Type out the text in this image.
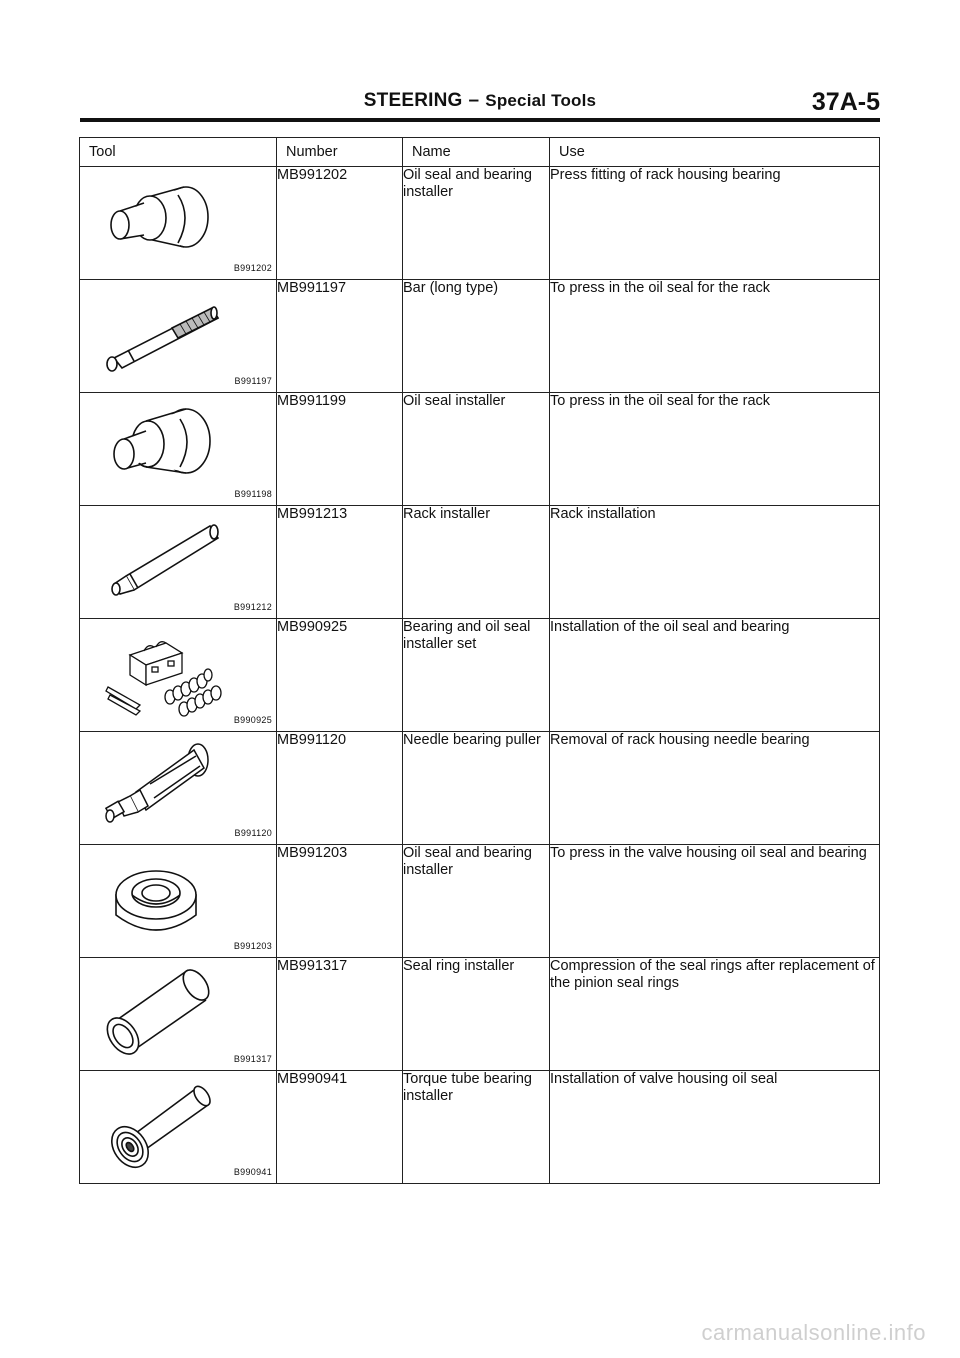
STEERING – Special Tools	37A-5
Tool	Number	Name	Use

B991202	MB991202	Oil seal and bearing installer	Press fitting of rack housing bearing

B991197	MB991197	Bar (long type)	To press in the oil seal for the rack

B991198	MB991199	Oil seal installer	To press in the oil seal for the rack

B991212	MB991213	Rack installer	Rack installation

B990925	MB990925	Bearing and oil seal installer set	Installation of the oil seal and bearing

B991120	MB991120	Needle bearing puller	Removal of rack housing needle bearing

B991203	MB991203	Oil seal and bearing installer	To press in the valve housing oil seal and bearing

B991317	MB991317	Seal ring installer	Compression of the seal rings after replacement of the pinion seal rings

B990941	MB990941	Torque tube bearing installer	Installation of valve housing oil seal
carmanualsonline.info
